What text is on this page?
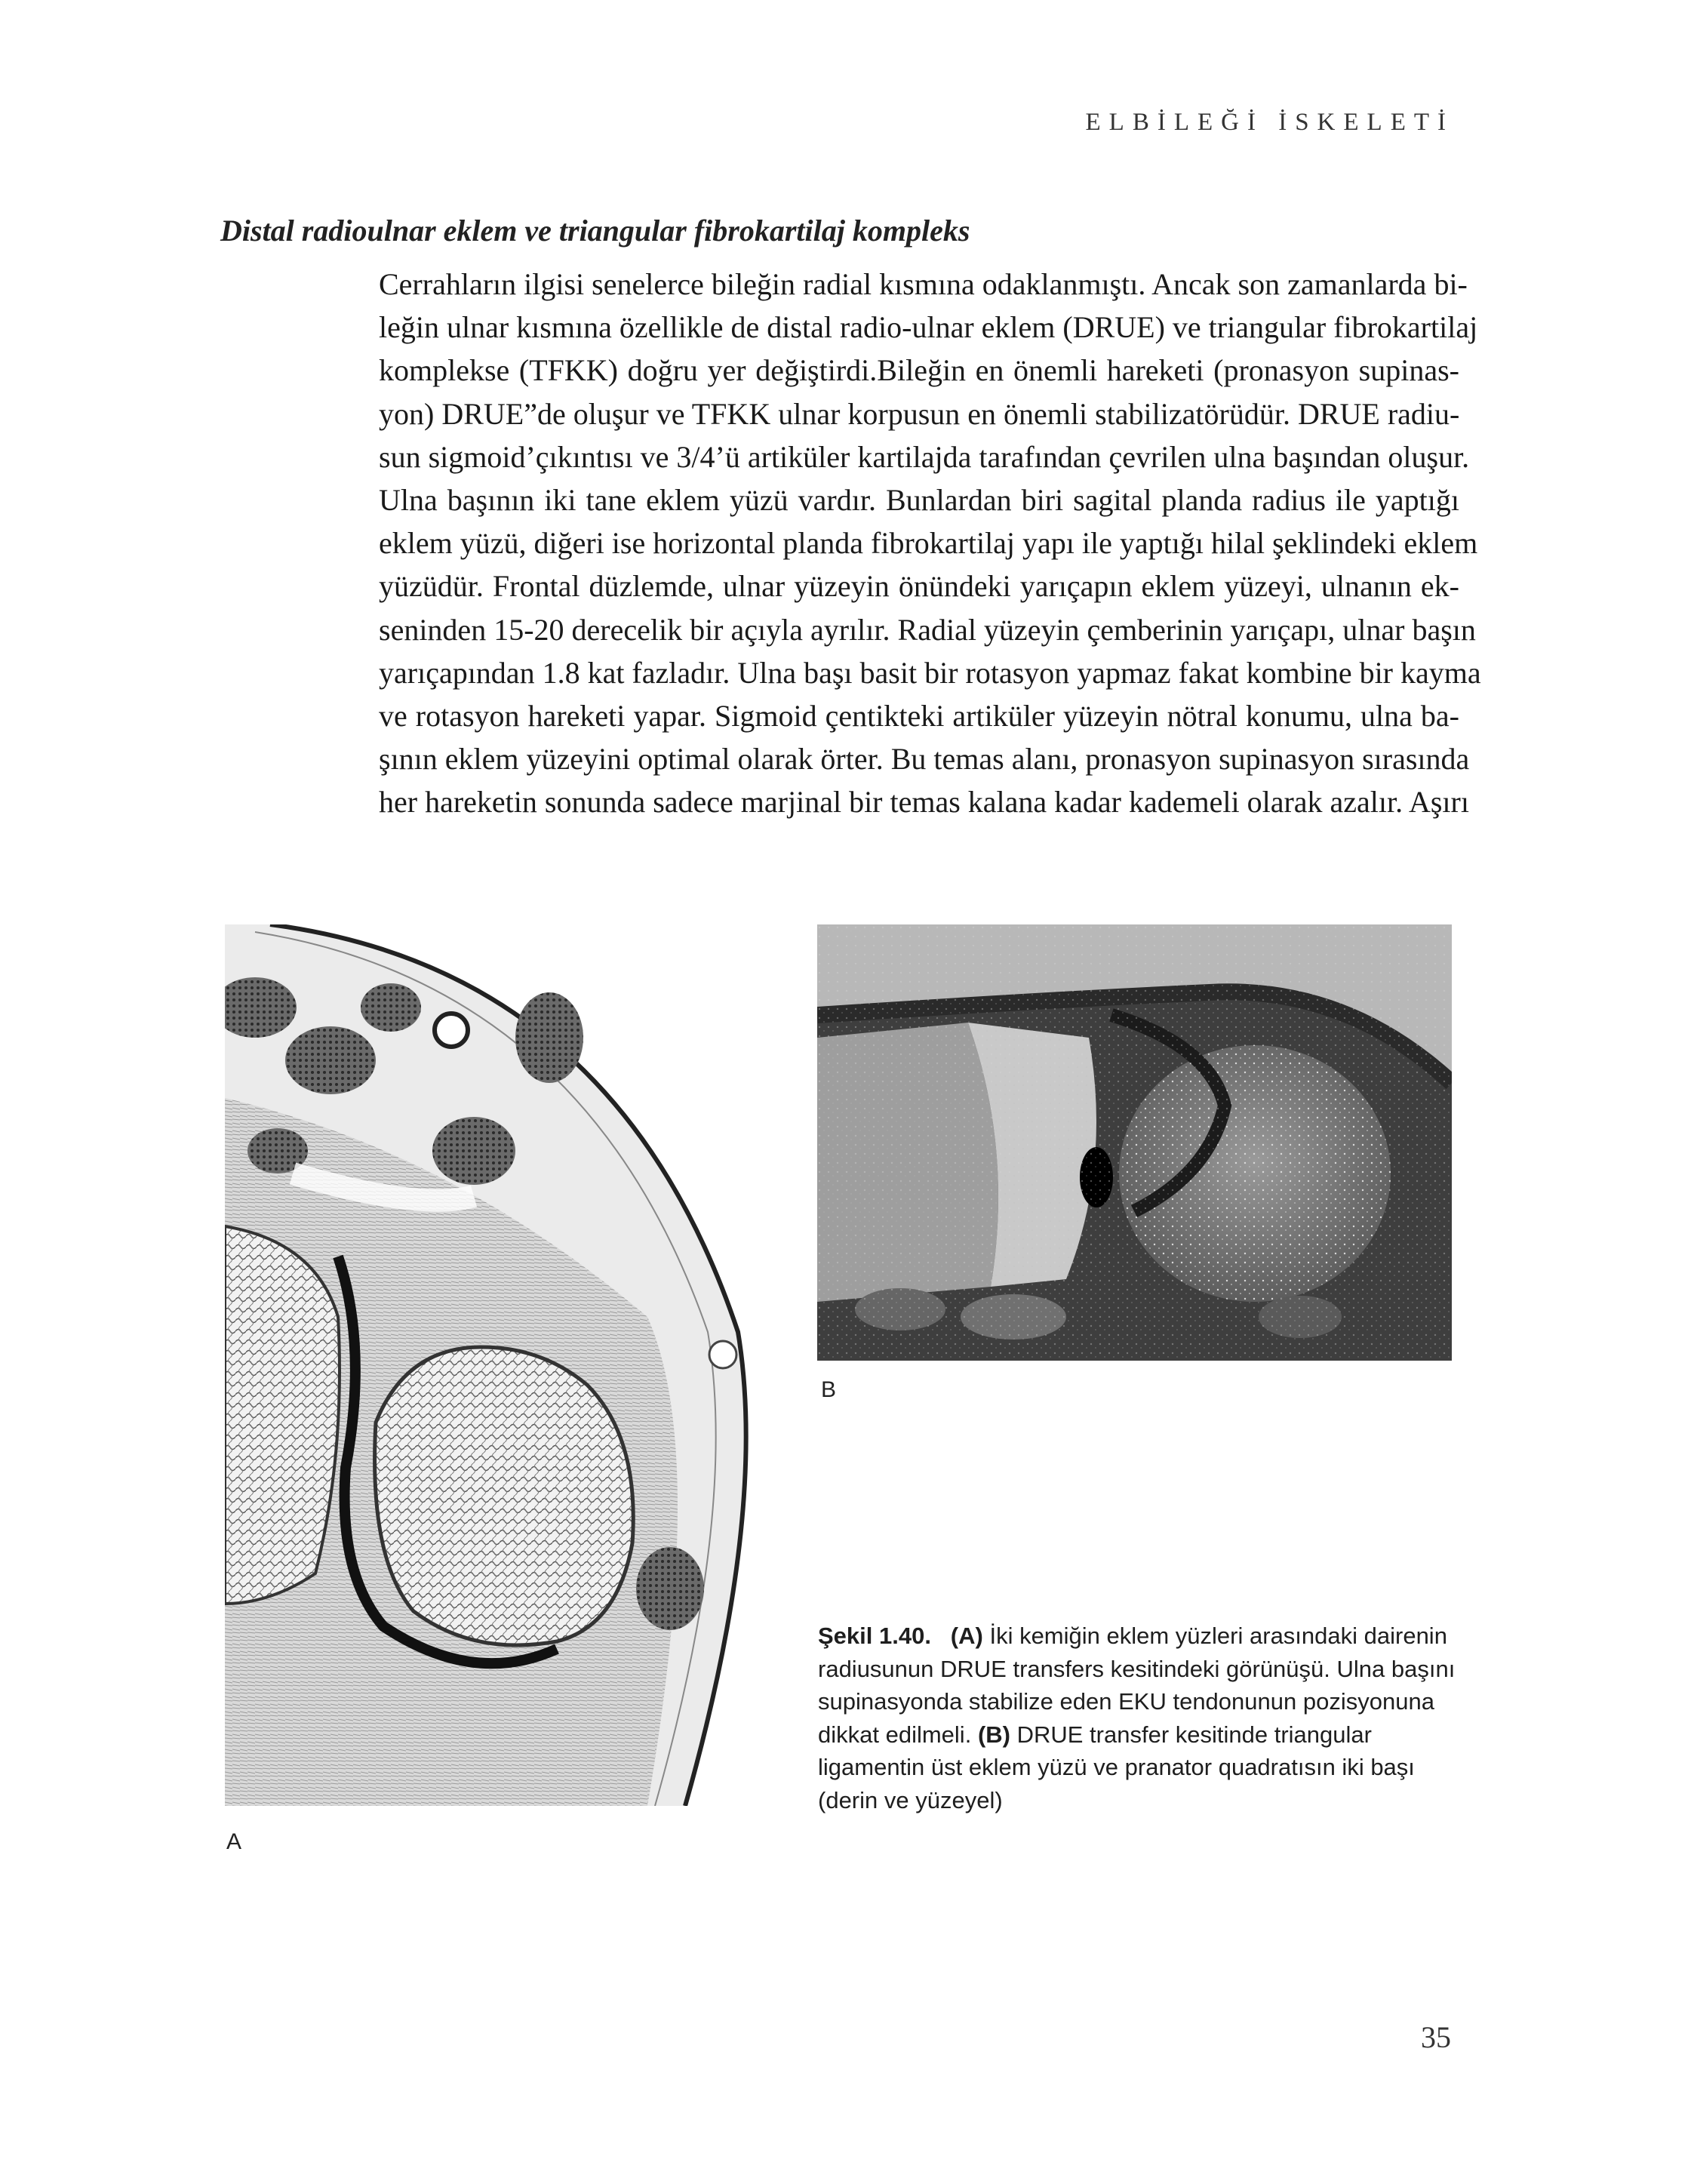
ELBİLEĞİ İSKELETİ
Distal radioulnar eklem ve triangular fibrokartilaj kompleks

Cerrahların ilgisi senelerce bileğin radial kısmına odaklanmıştı. Ancak son zamanlarda bi-
leğin ulnar kısmına özellikle de distal radio-ulnar eklem (DRUE) ve triangular fibrokartilaj
komplekse (TFKK) doğru yer değiştirdi.Bileğin en önemli hareketi (pronasyon supinas-
yon) DRUE”de oluşur ve TFKK ulnar korpusun en önemli stabilizatörüdür. DRUE radiu-
sun sigmoid’çıkıntısı ve 3/4’ü artiküler kartilajda tarafından çevrilen ulna başından oluşur.
Ulna başının iki tane eklem yüzü vardır. Bunlardan biri sagital planda radius ile yaptığı
eklem yüzü, diğeri ise horizontal planda fibrokartilaj yapı ile yaptığı hilal şeklindeki eklem
yüzüdür. Frontal düzlemde, ulnar yüzeyin önündeki yarıçapın eklem yüzeyi, ulnanın ek-
seninden 15-20 derecelik bir açıyla ayrılır. Radial yüzeyin çemberinin yarıçapı, ulnar başın
yarıçapından 1.8 kat fazladır. Ulna başı basit bir rotasyon yapmaz fakat kombine bir kayma
ve rotasyon hareketi yapar. Sigmoid çentikteki artiküler yüzeyin nötral konumu, ulna ba-
şının eklem yüzeyini optimal olarak örter. Bu temas alanı, pronasyon supinasyon sırasında
her hareketin sonunda sadece marjinal bir temas kalana kadar kademeli olarak azalır. Aşırı

A
B
Şekil 1.40. (A) İki kemiğin eklem yüzleri arasındaki dairenin radiusunun DRUE transfers kesitindeki görünüşü. Ulna başını supinasyonda stabilize eden EKU tendonunun pozisyonuna dikkat edilmeli. (B) DRUE transfer kesitinde triangular ligamentin üst eklem yüzü ve pranator quadratısın iki başı (derin ve yüzeyel)
35
